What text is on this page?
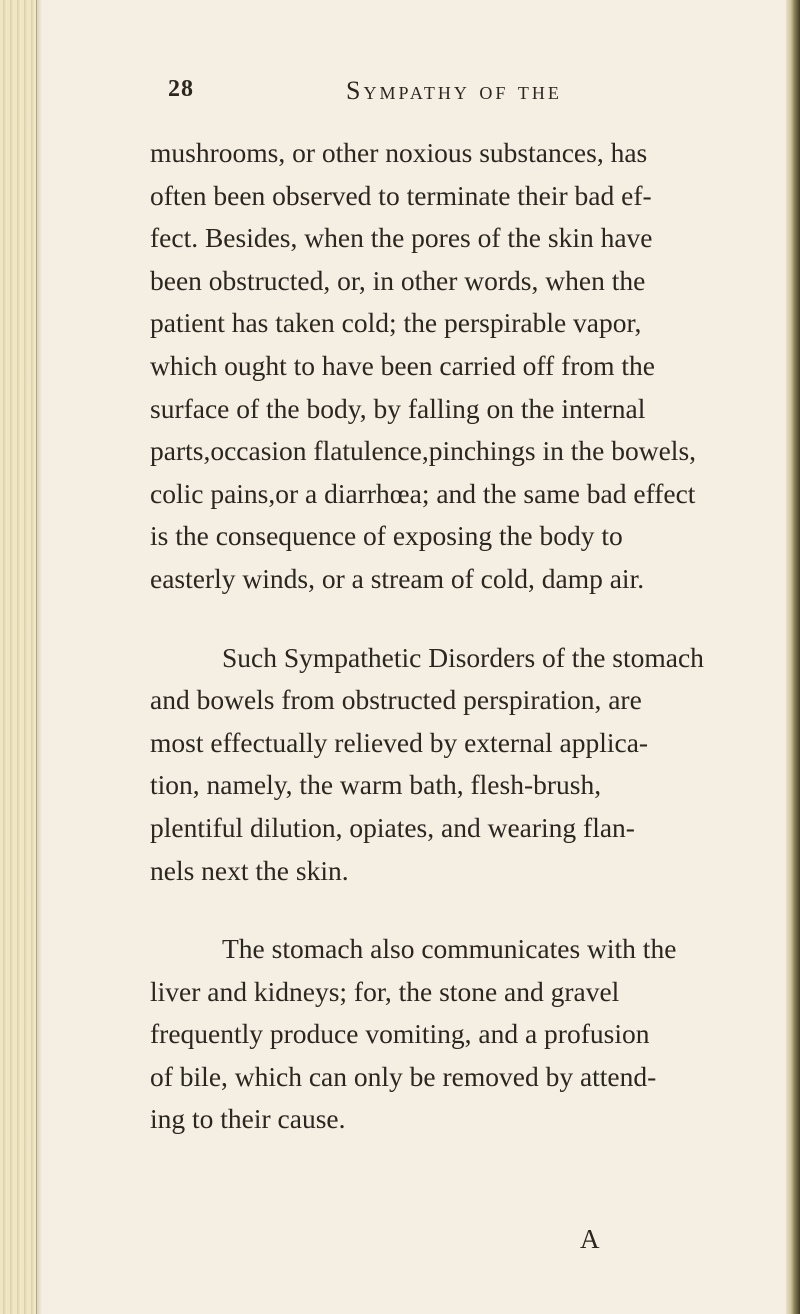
28	Sympathy of the
mushrooms, or other noxious substances, has
often been observed to terminate their bad ef-
fect. Besides, when the pores of the skin have
been obstructed, or, in other words, when the
patient has taken cold; the perspirable vapor,
which ought to have been carried off from the
surface of the body, by falling on the internal
parts,occasion flatulence,pinchings in the bowels,
colic pains,or a diarrhœa; and the same bad effect
is the consequence of exposing the body to
easterly winds, or a stream of cold, damp air.
Such Sympathetic Disorders of the stomach
and bowels from obstructed perspiration, are
most effectually relieved by external applica-
tion, namely, the warm bath, flesh-brush,
plentiful dilution, opiates, and wearing flan-
nels next the skin.
The stomach also communicates with the
liver and kidneys; for, the stone and gravel
frequently produce vomiting, and a profusion
of bile, which can only be removed by attend-
ing to their cause.
A
